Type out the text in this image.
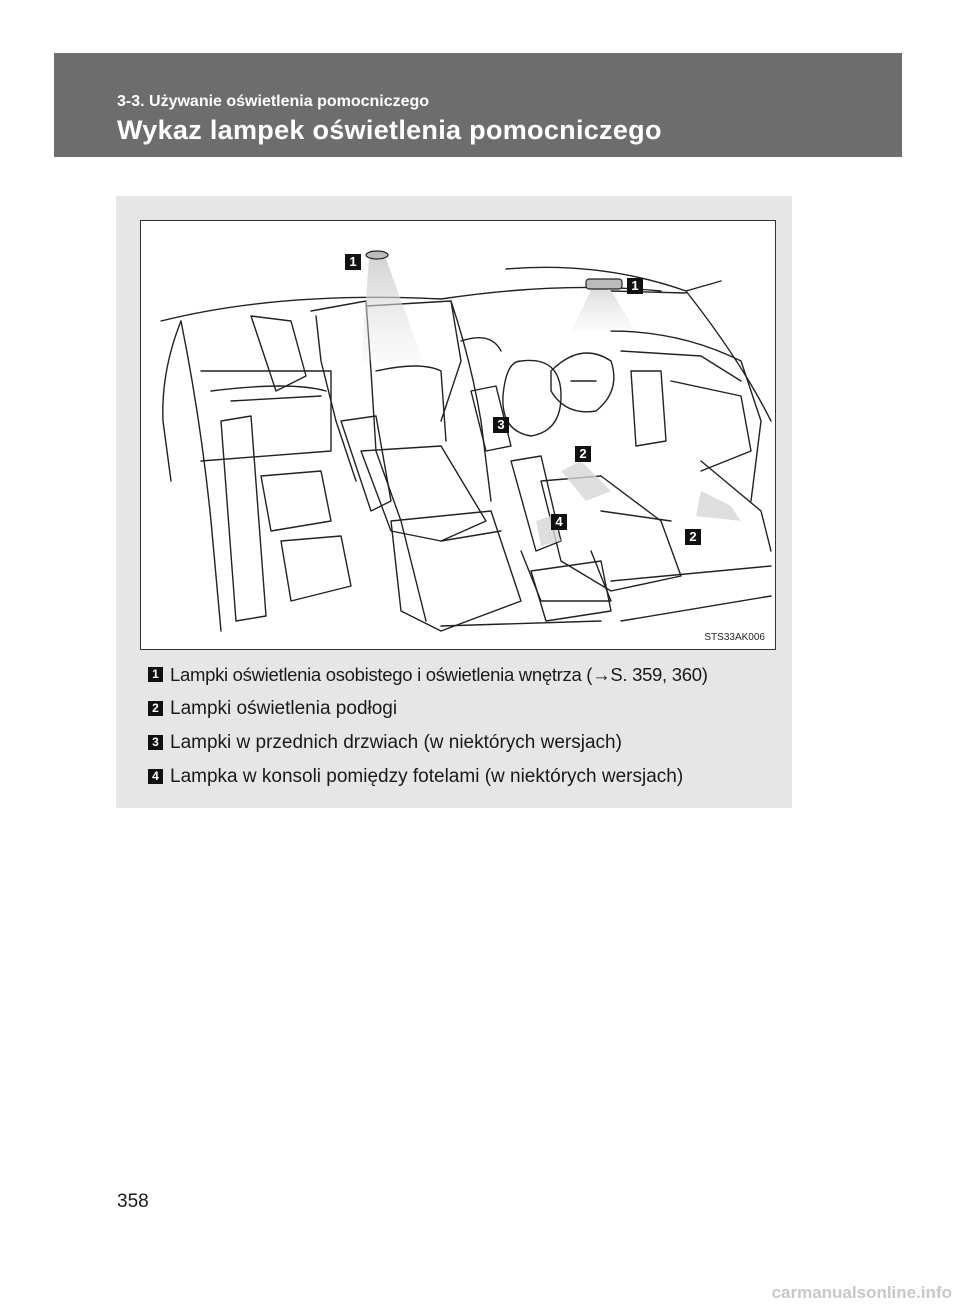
3-3. Używanie oświetlenia pomocniczego
Wykaz lampek oświetlenia pomocniczego
1
1
3
2
4
2
STS33AK006
1 Lampki oświetlenia osobistego i oświetlenia wnętrza (→S. 359, 360)
2 Lampki oświetlenia podłogi
3 Lampki w przednich drzwiach (w niektórych wersjach)
4 Lampka w konsoli pomiędzy fotelami (w niektórych wersjach)
358
carmanualsonline.info
